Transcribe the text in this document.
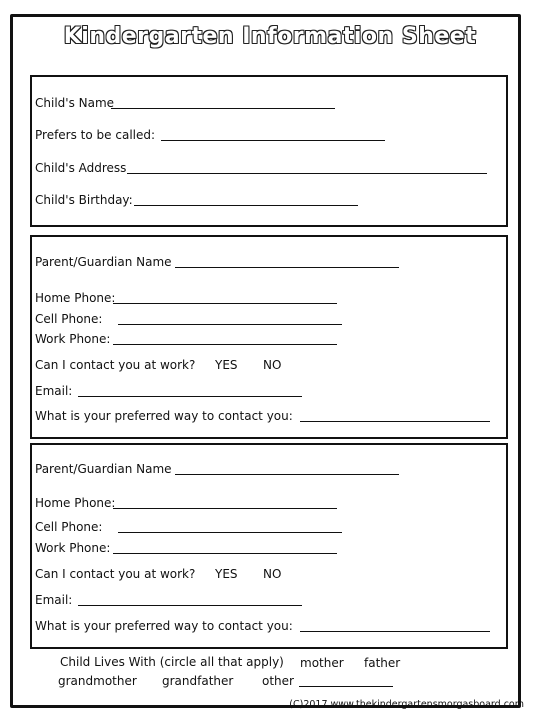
Kindergarten Information Sheet
Child's Name
Prefers to be called:
Child's Address
Child's Birthday:
Parent/Guardian Name
Home Phone:
Cell Phone:
Work Phone:
Can I contact you at work? YES NO
Email:
What is your preferred way to contact you:
Parent/Guardian Name
Home Phone:
Cell Phone:
Work Phone:
Can I contact you at work? YES NO
Email:
What is your preferred way to contact you:
Child Lives With (circle all that apply) mother father
grandmother grandfather other
(C)2017 www.thekindergartensmorgasboard.com
